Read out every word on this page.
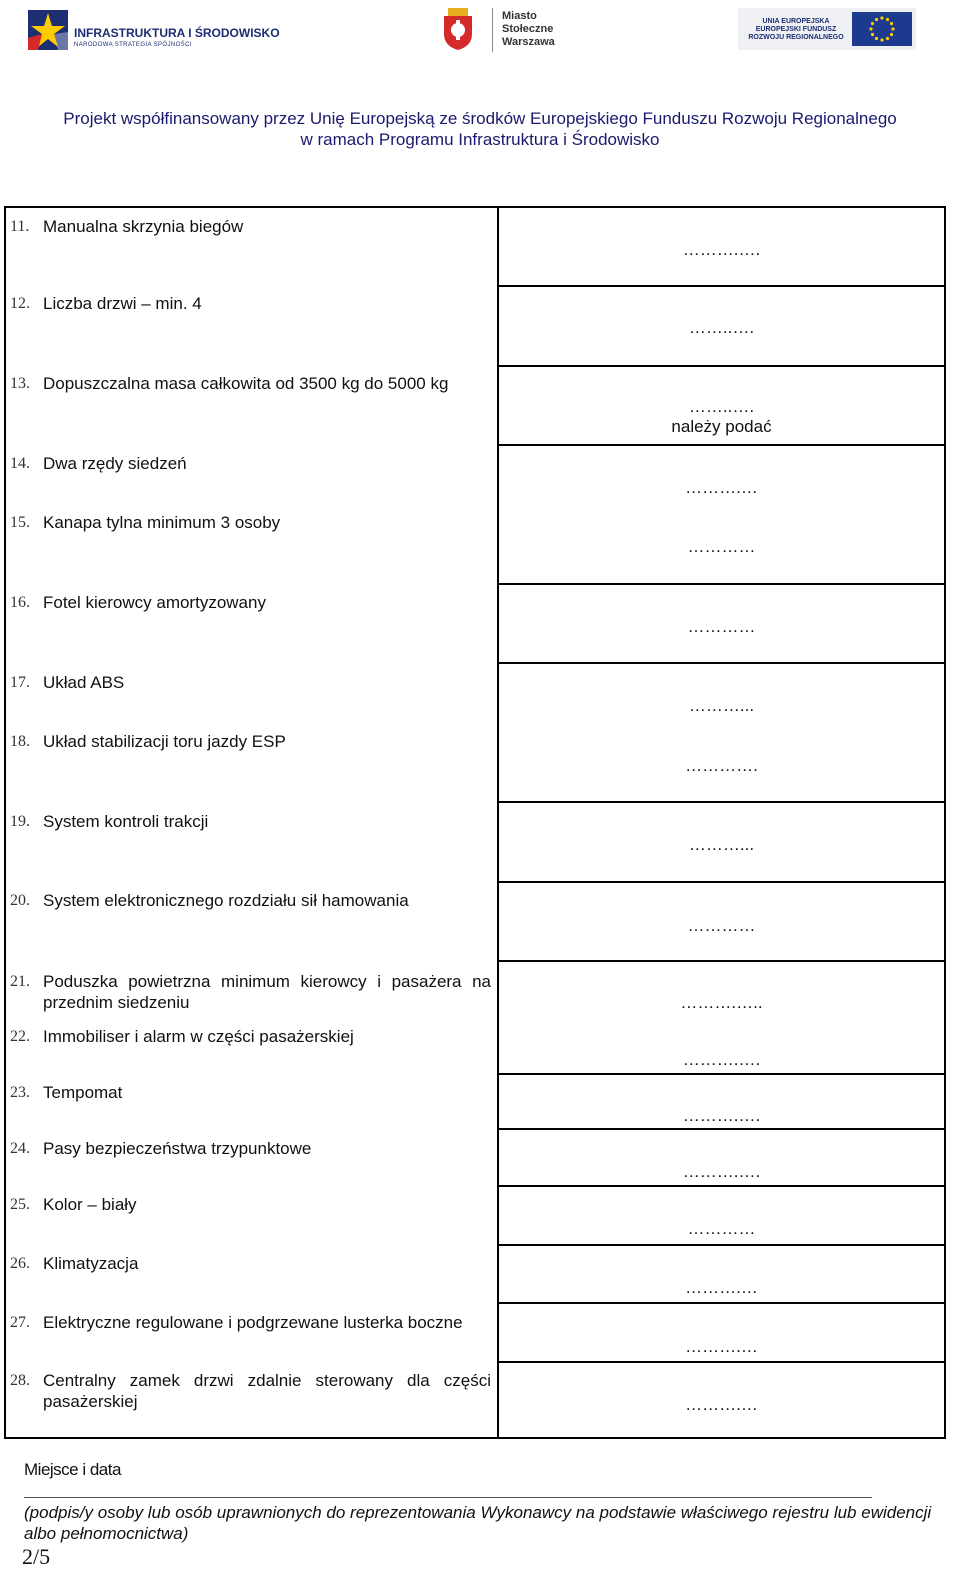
INFRASTRUKTURA I ŚRODOWISKO
NARODOWA STRATEGIA SPÓJNOŚCI
Miasto
Stołeczne
Warszawa
UNIA EUROPEJSKA
EUROPEJSKI FUNDUSZ
ROZWOJU REGIONALNEGO
Projekt współfinansowany przez Unię Europejską ze środków Europejskiego Funduszu Rozwoju Regionalnego
w ramach Programu Infrastruktura i Środowisko
11. Manualna skrzynia biegów
……….….
12. Liczba drzwi – min. 4
……..….
13. Dopuszczalna masa całkowita od 3500 kg do 5000 kg
……..….
należy podać
14. Dwa rzędy siedzeń
……….…
15. Kanapa tylna minimum 3 osoby
…………
16. Fotel kierowcy amortyzowany
…………
17. Układ ABS
………...
18. Układ stabilizacji toru jazdy ESP
………….
19. System kontroli trakcji
………...
20. System elektronicznego rozdziału sił hamowania
…………
21. Poduszka powietrzna minimum kierowcy i pasażera na przednim siedzeniu	……….…..
22. Immobiliser i alarm w części pasażerskiej
……….….
23. Tempomat
……….….
24. Pasy bezpieczeństwa trzypunktowe
……….….
25. Kolor – biały
…………
26. Klimatyzacja
……….…
27. Elektryczne regulowane i podgrzewane lusterka boczne
……….…
28. Centralny zamek drzwi zdalnie sterowany dla części pasażerskiej	……….…
Miejsce i data
(podpis/y osoby lub osób uprawnionych do reprezentowania Wykonawcy na podstawie właściwego rejestru lub ewidencji albo pełnomocnictwa)
2/5
